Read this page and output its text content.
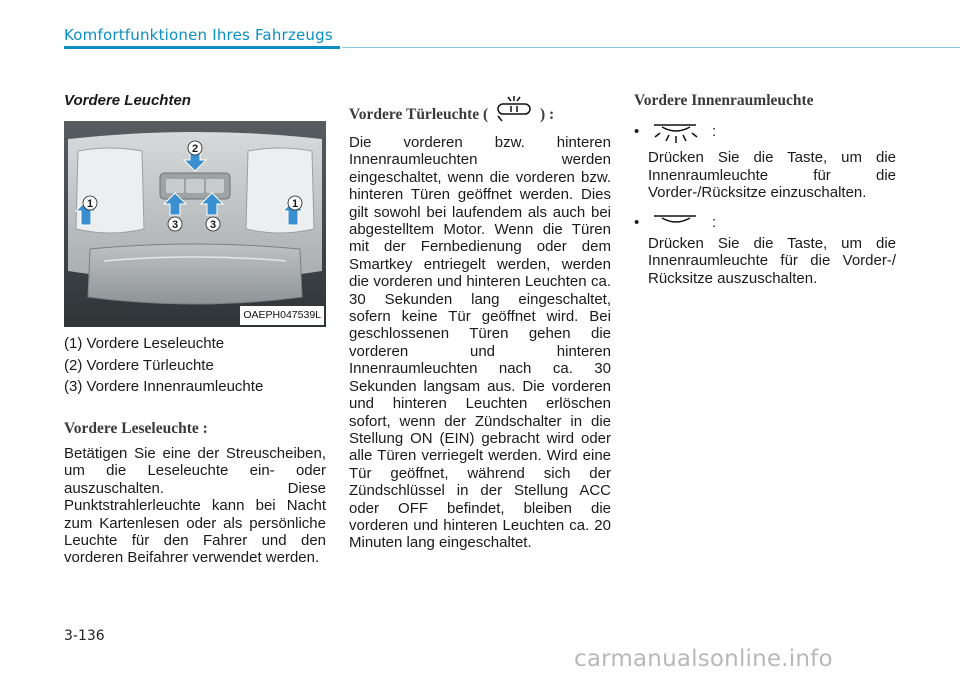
Komfortfunktionen Ihres Fahrzeugs
Vordere Leuchten
1
2
3	3
1
OAEPH047539L
(1) Vordere Leseleuchte
(2) Vordere Türleuchte
(3) Vordere Innenraumleuchte
Vordere Leseleuchte :

Betätigen Sie eine der Streuscheiben, um die Leseleuchte ein- oder auszuschalten. Diese Punktstrahlerleuchte kann bei Nacht zum Kartenlesen oder als persönliche Leuchte für den Fahrer und den vorderen Beifahrer verwendet werden.

Vordere Türleuchte (	) :

Die vorderen bzw. hinteren Innenraumleuchten werden eingeschaltet, wenn die vorderen bzw. hinteren Türen geöffnet werden. Dies gilt sowohl bei laufendem als auch bei abgestelltem Motor. Wenn die Türen mit der Fernbedienung oder dem Smartkey entriegelt werden, werden die vorderen und hinteren Leuchten ca. 30 Sekunden lang eingeschaltet, sofern keine Tür geöffnet wird. Bei geschlossenen Türen gehen die vorderen und hinteren Innenraumleuchten nach ca. 30 Sekunden langsam aus. Die vorderen und hinteren Leuchten erlöschen sofort, wenn der Zündschalter in die Stellung ON (EIN) gebracht wird oder alle Türen verriegelt werden. Wird eine Tür geöffnet, während sich der Zündschlüssel in der Stellung ACC oder OFF befindet, bleiben die vorderen und hinteren Leuchten ca. 20 Minuten lang eingeschaltet.

Vordere Innenraumleuchte
•	:

Drücken Sie die Taste, um die Innenraumleuchte für die Vorder-/Rücksitze einzuschalten.

•	:

Drücken Sie die Taste, um die Innenraumleuchte für die Vorder-/ Rücksitze auszuschalten.

3-136
carmanualsonline.info
